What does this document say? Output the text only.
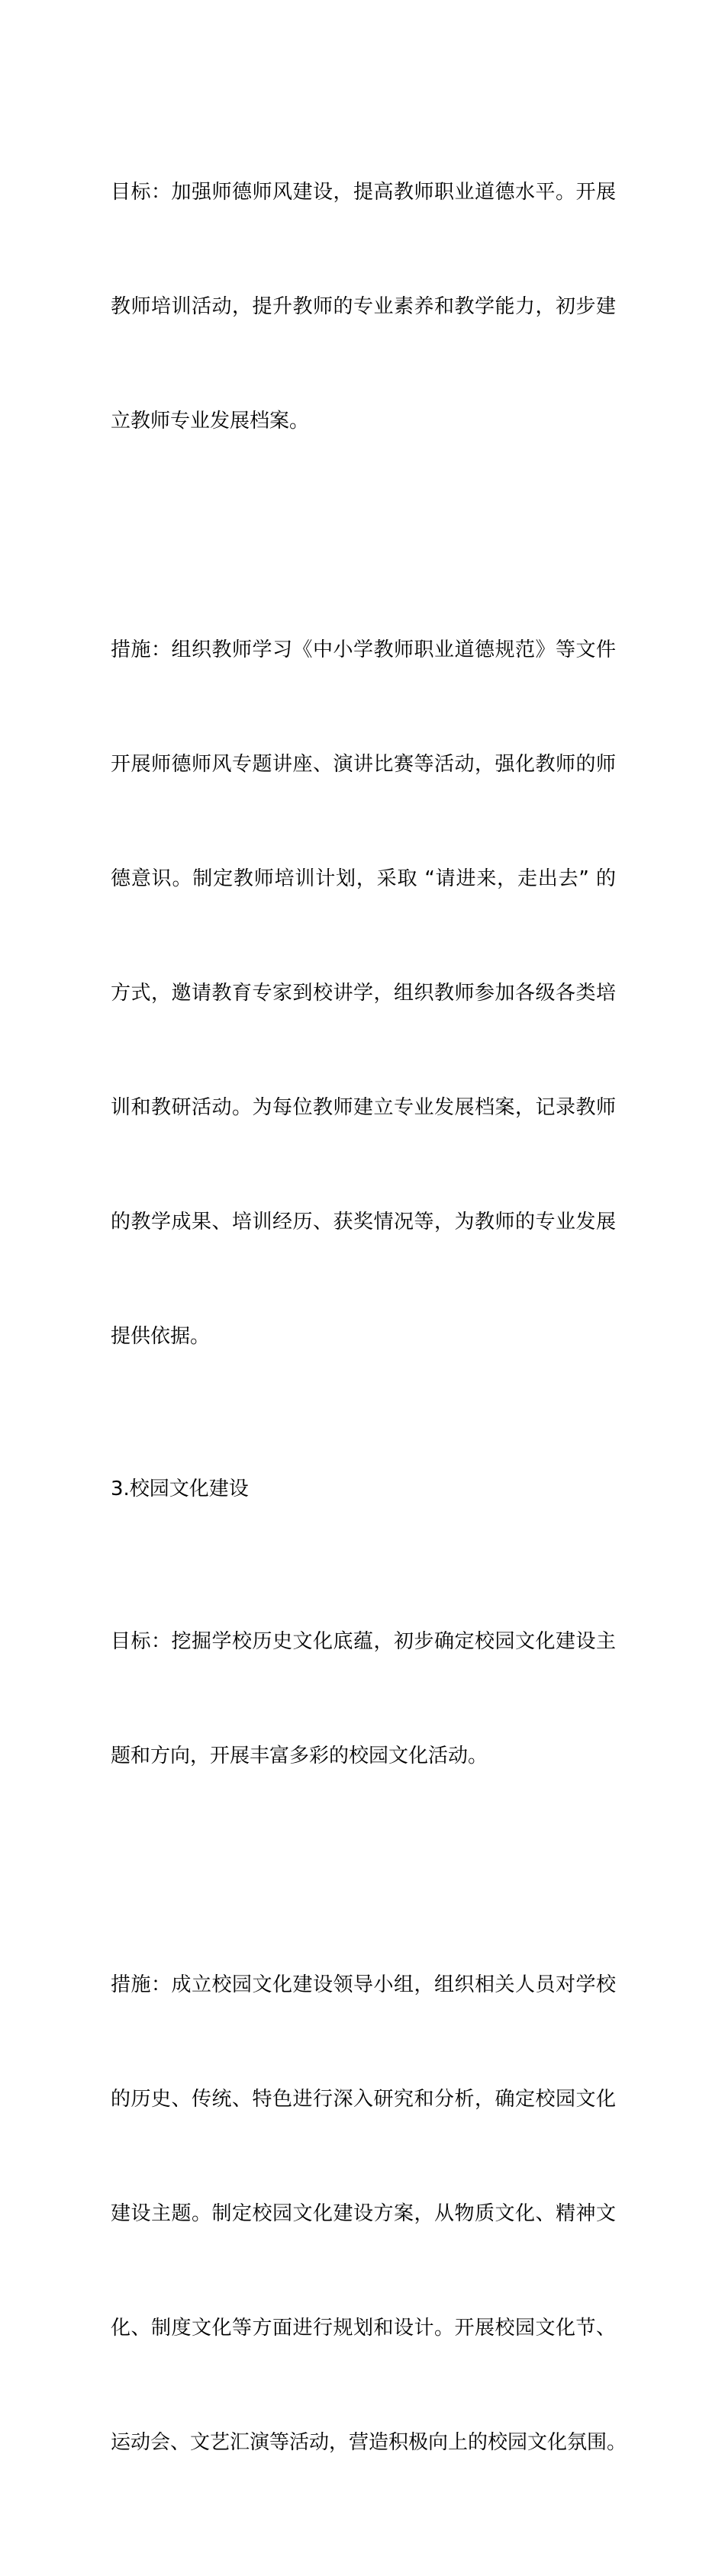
目标：加强师德师风建设，提高教师职业道德水平。开展

教师培训活动，提升教师的专业素养和教学能力，初步建

立教师专业发展档案。

措施：组织教师学习《中小学教师职业道德规范》等文件

开展师德师风专题讲座、演讲比赛等活动，强化教师的师

德意识。制定教师培训计划，采取 “请进来，走出去” 的

方式，邀请教育专家到校讲学，组织教师参加各级各类培

训和教研活动。为每位教师建立专业发展档案，记录教师

的教学成果、培训经历、获奖情况等，为教师的专业发展

提供依据。

3.校园文化建设

目标：挖掘学校历史文化底蕴，初步确定校园文化建设主

题和方向，开展丰富多彩的校园文化活动。

措施：成立校园文化建设领导小组，组织相关人员对学校

的历史、传统、特色进行深入研究和分析，确定校园文化

建设主题。制定校园文化建设方案，从物质文化、精神文

化、制度文化等方面进行规划和设计。开展校园文化节、

运动会、文艺汇演等活动，营造积极向上的校园文化氛围。
